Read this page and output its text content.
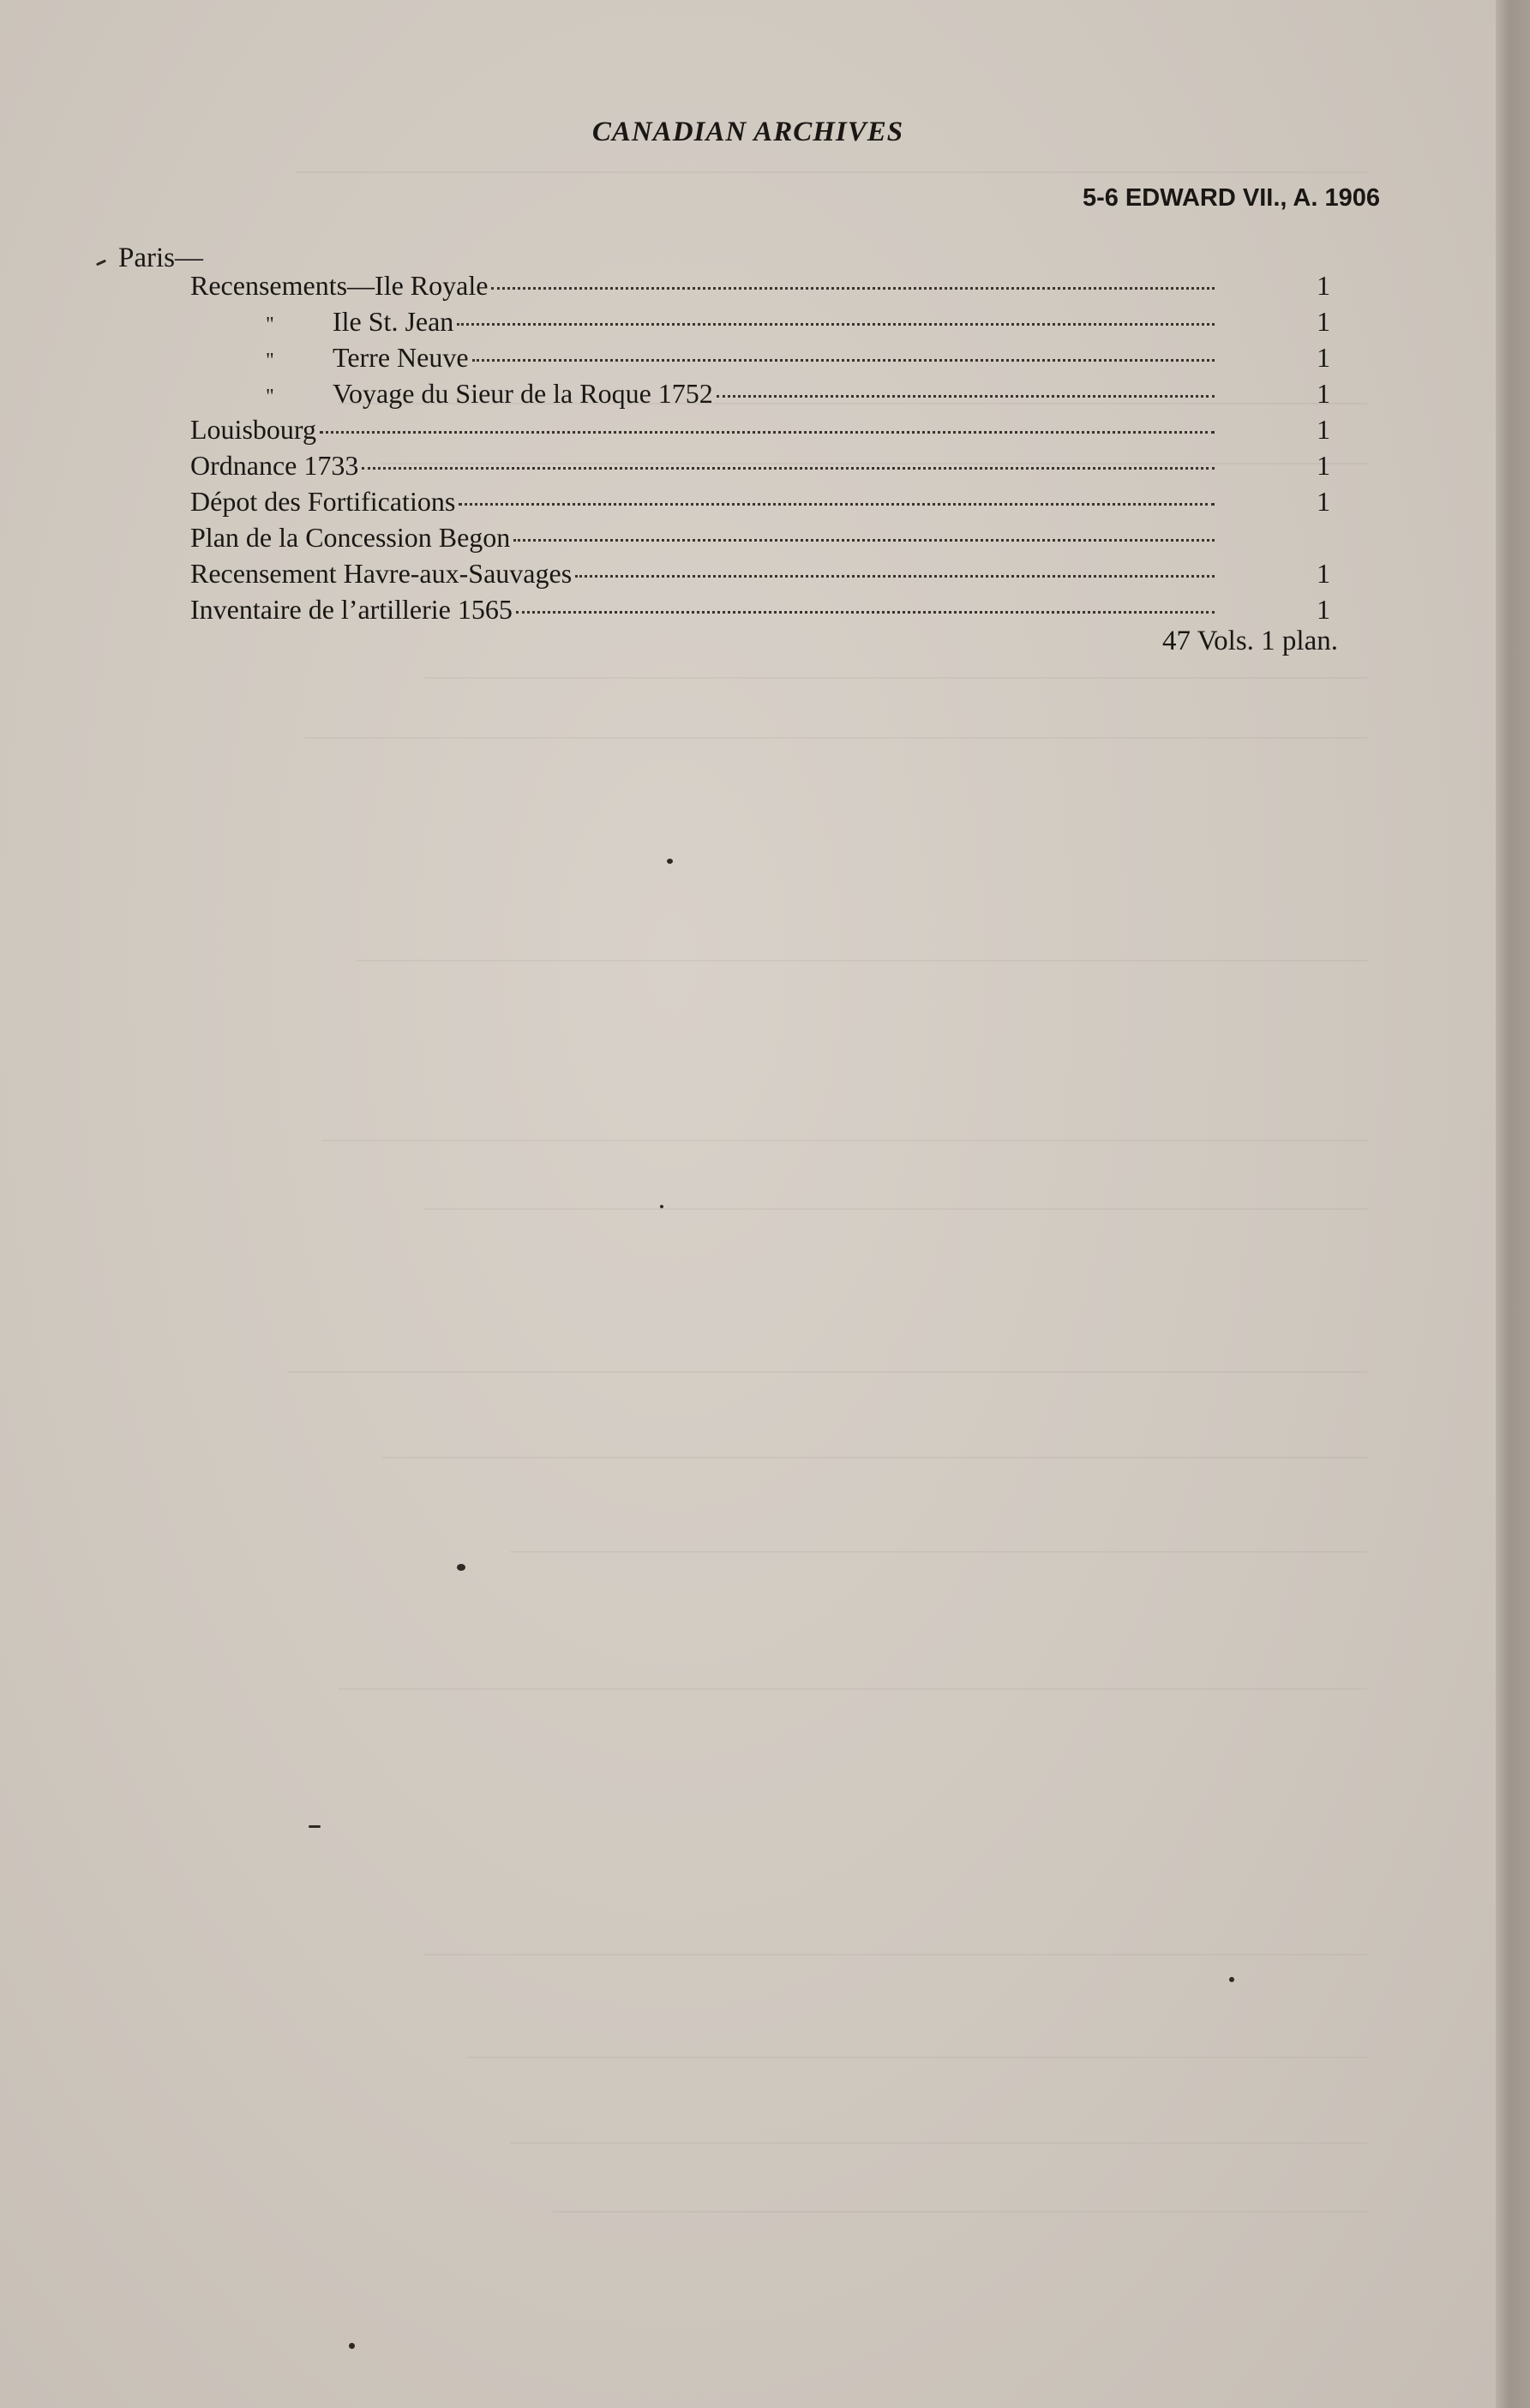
CANADIAN ARCHIVES
5-6 EDWARD VII., A. 1906
Paris—
Recensements— Ile Royale	1
"	Ile St. Jean	1
"	Terre Neuve	1
"	Voyage du Sieur de la Roque 1752	1
Louisbourg	1
Ordnance 1733	1
Dépot des Fortifications	1
Plan de la Concession Begon
Recensement Havre-aux-Sauvages	1
Inventaire de l’artillerie 1565	1
47 Vols. 1 plan.
